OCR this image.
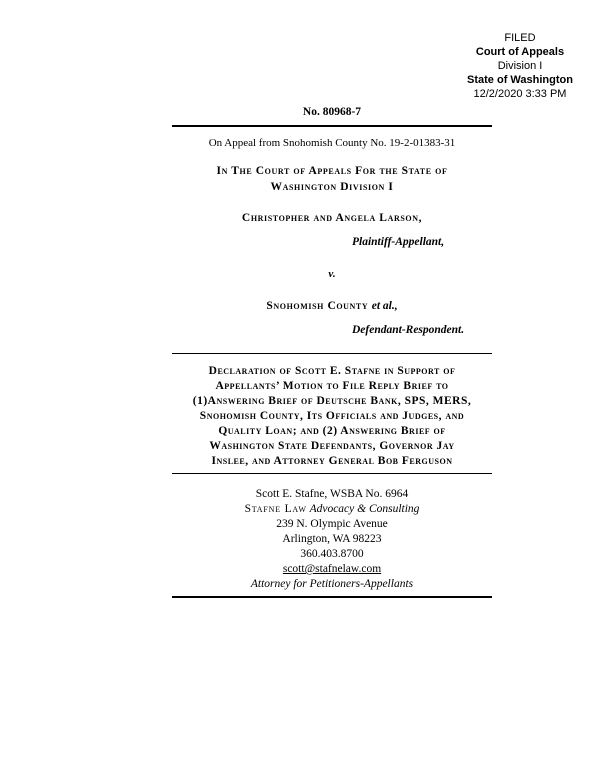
FILED
Court of Appeals
Division I
State of Washington
12/2/2020 3:33 PM
No. 80968-7
On Appeal from Snohomish County No. 19-2-01383-31
In The Court of Appeals For the State of
Washington Division I
Christopher and Angela Larson,
Plaintiff-Appellant,
v.
Snohomish County et al.,
Defendant-Respondent.
Declaration of Scott E. Stafne in Support of
Appellants’ Motion to File Reply Brief to
(1)Answering Brief of Deutsche Bank, SPS, MERS,
Snohomish County, Its Officials and Judges, and
Quality Loan; and (2) Answering Brief of
Washington State Defendants, Governor Jay
Inslee, and Attorney General Bob Ferguson
Scott E. Stafne, WSBA No. 6964
Stafne Law Advocacy & Consulting
239 N. Olympic Avenue
Arlington, WA 98223
360.403.8700
scott@stafnelaw.com
Attorney for Petitioners-Appellants
